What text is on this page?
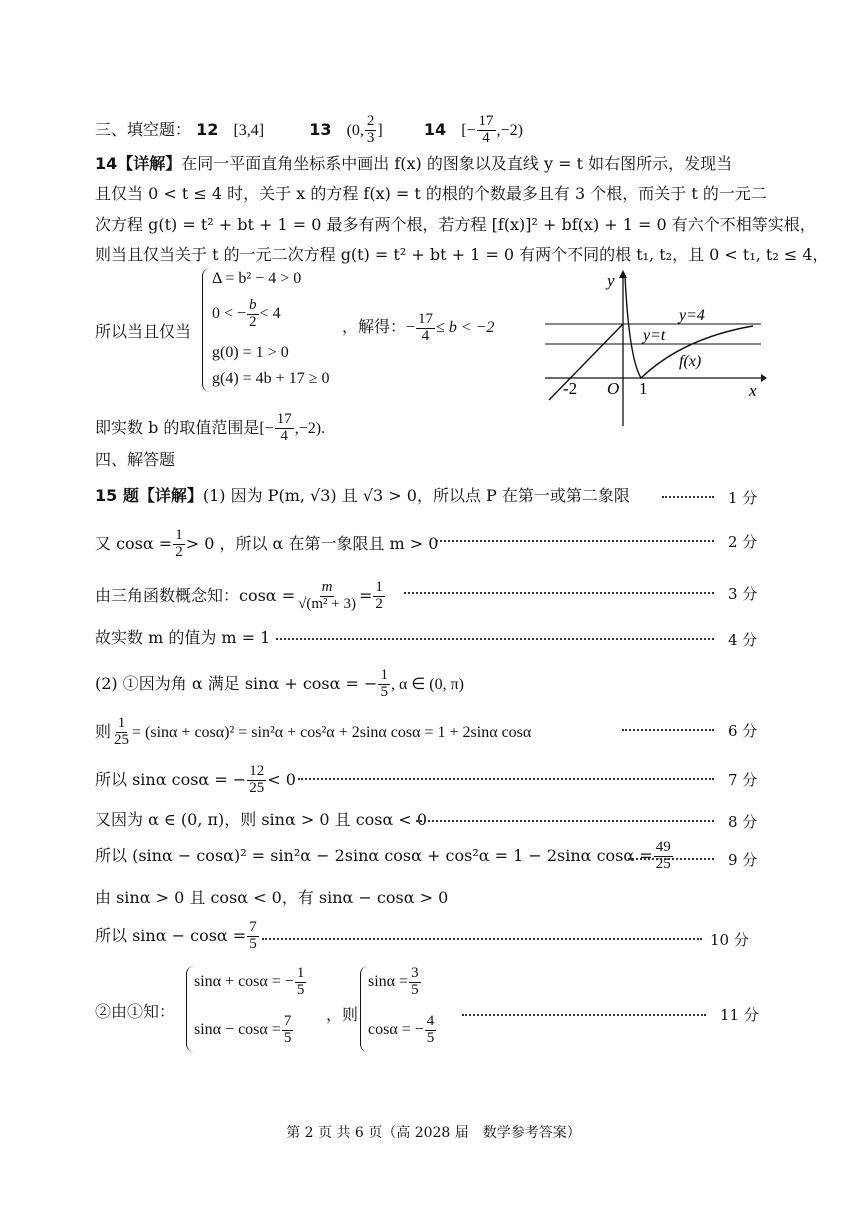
三、填空题： 12 [3,4]	13 (0, $\frac{2}{3}$ ]	14 [− $\frac{17}{4} ,-2$)
14【详解】在同一平面直角坐标系中画出 f(x) 的图象以及直线 y = t 如右图所示，发现当
且仅当 0 < t ≤ 4 时，关于 x 的方程 f(x) = t 的根的个数最多且有 3 个根，而关于 t 的一元二
次方程 g(t) = t² + bt + 1 = 0 最多有两个根，若方程 [f(x)]² + bf(x) + 1 = 0 有六个不相等实根，
则当且仅当关于 t 的一元二次方程 g(t) = t² + bt + 1 = 0 有两个不同的根 t₁, t₂，且 0 < t₁, t₂ ≤ 4，
所以当且仅当
Δ = b² − 4 > 0
0 < − $\frac{b}{2} < 4$
g(0) = 1 > 0
g(4) = 4b + 17 ≥ 0
，解得：− $\frac{17}{4} \le b < -2$
y
x
O
-2	1
y=4
y=t
f(x)
即实数 b 的取值范围是[− $\frac{17}{4} ,-2$).
四、解答题
15 题【详解】(1) 因为 P(m, √3) 且 √3 > 0，所以点 P 在第一或第二象限	1 分
又 $\cos\alpha = \frac{1}{2} > 0$ ，所以 α 在第一象限且 m > 0	2 分
由三角函数概念知：$\cos\alpha = \frac{m}{\text{√(m² + 3)}} = \frac{1}{2}$	3 分
故实数 m 的值为 m = 1	4 分
(2) ①因为角 α 满足 sinα + cosα = − $\frac{1}{5}$ , α ∈ (0, π)
则 $\frac{1}{25} = (\sin\alpha + \cos\alpha)^2 = \sin^2\alpha + \cos^2\alpha + 2\sin\alpha$ cosα = 1 + 2sinα cosα	6 分
所以 sinα cosα = − $\frac{12}{25} < 0$	7 分
又因为 α ∈ (0, π)，则 sinα > 0 且 cosα < 0	8 分
所以 (sinα − cosα)² = sin²α − 2sinα cosα + cos²α = 1 − 2sinα $\cos\alpha = \frac{49}{25}$	9 分
由 sinα > 0 且 cosα < 0，有 sinα − cosα > 0
所以 $\sin\alpha - \cos\alpha = \frac{7}{5}$	10 分
②由①知：
sinα + cosα = − $\frac{1}{5}$
$\sin\alpha - \cos\alpha = \frac{7}{5}$ ，则
$\sin\alpha = \frac{3}{5}$
cosα = − $\frac{4}{5}$	11 分
第 2 页 共 6 页（高 2028 届　数学参考答案）
